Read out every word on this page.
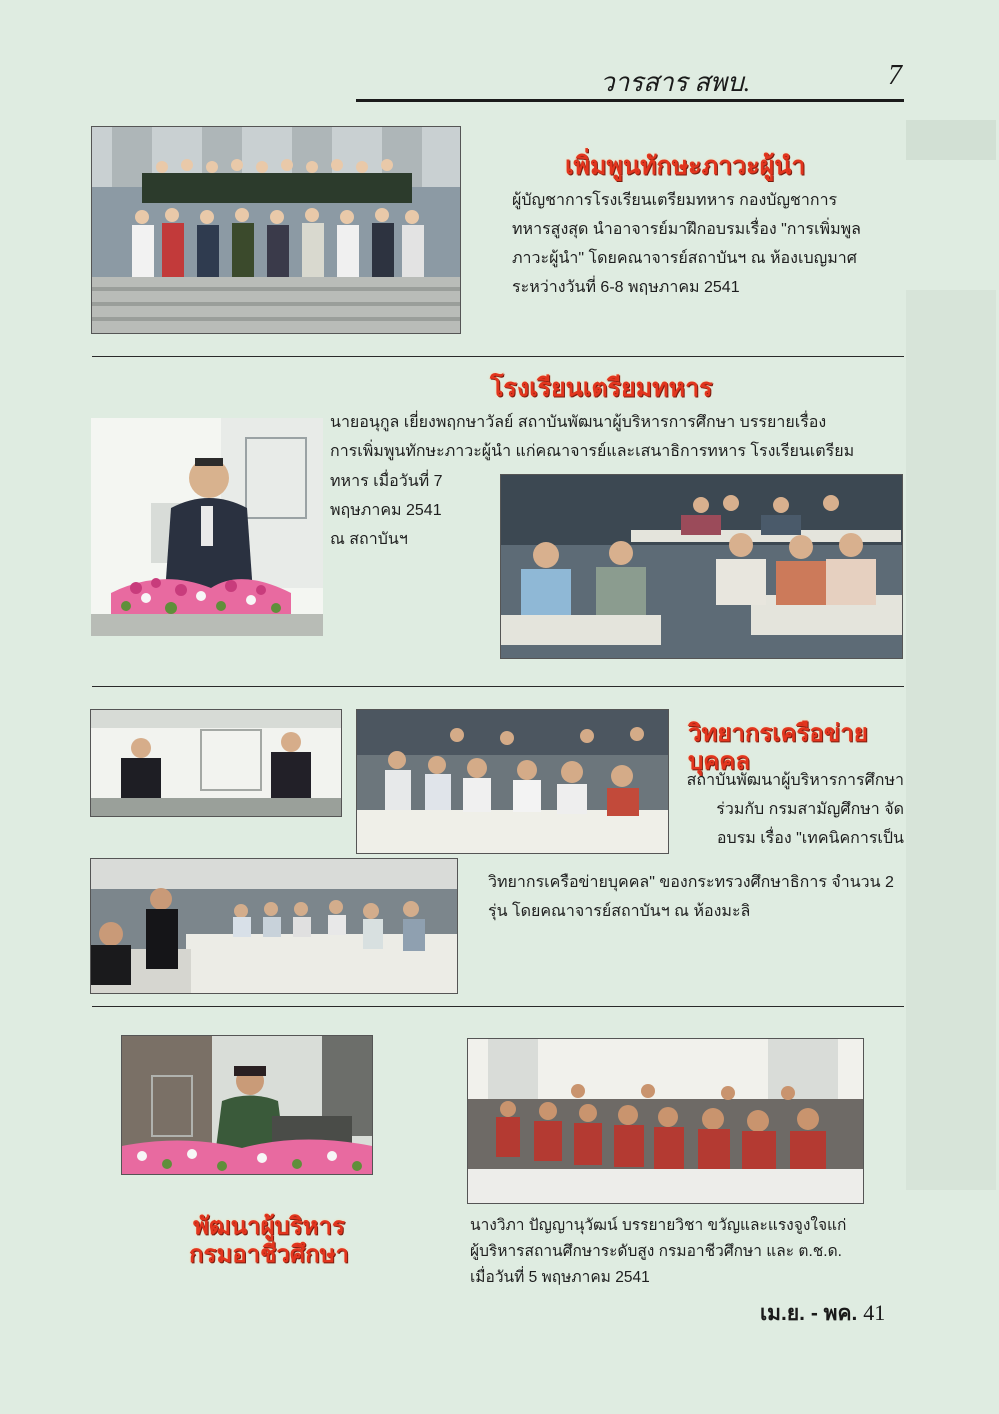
วารสาร สพบ.	7
เพิ่มพูนทักษะภาวะผู้นำ
ผู้บัญชาการโรงเรียนเตรียมทหาร กองบัญชาการ
ทหารสูงสุด นำอาจารย์มาฝึกอบรมเรื่อง "การเพิ่มพูล
ภาวะผู้นำ" โดยคณาจารย์สถาบันฯ ณ ห้องเบญมาศ
ระหว่างวันที่ 6-8 พฤษภาคม 2541
โรงเรียนเตรียมทหาร
นายอนุกูล เยี่ยงพฤกษาวัลย์ สถาบันพัฒนาผู้บริหารการศึกษา บรรยายเรื่อง
การเพิ่มพูนทักษะภาวะผู้นำ แก่คณาจารย์และเสนาธิการทหาร โรงเรียนเตรียม
ทหาร เมื่อวันที่ 7
พฤษภาคม 2541
ณ สถาบันฯ
วิทยากรเครือข่าย
บุคคล
สถาบันพัฒนาผู้บริหารการศึกษา
ร่วมกับ กรมสามัญศึกษา จัด
อบรม เรื่อง "เทคนิคการเป็น
วิทยากรเครือข่ายบุคคล" ของกระทรวงศึกษาธิการ จำนวน 2
รุ่น โดยคณาจารย์สถาบันฯ ณ ห้องมะลิ
พัฒนาผู้บริหาร
กรมอาชีวศึกษา
นางวิภา ปัญญานุวัฒน์ บรรยายวิชา ขวัญและแรงจูงใจแก่
ผู้บริหารสถานศึกษาระดับสูง กรมอาชีวศึกษา และ ต.ช.ด.
เมื่อวันที่ 5 พฤษภาคม 2541
เม.ย. - พค. 41
